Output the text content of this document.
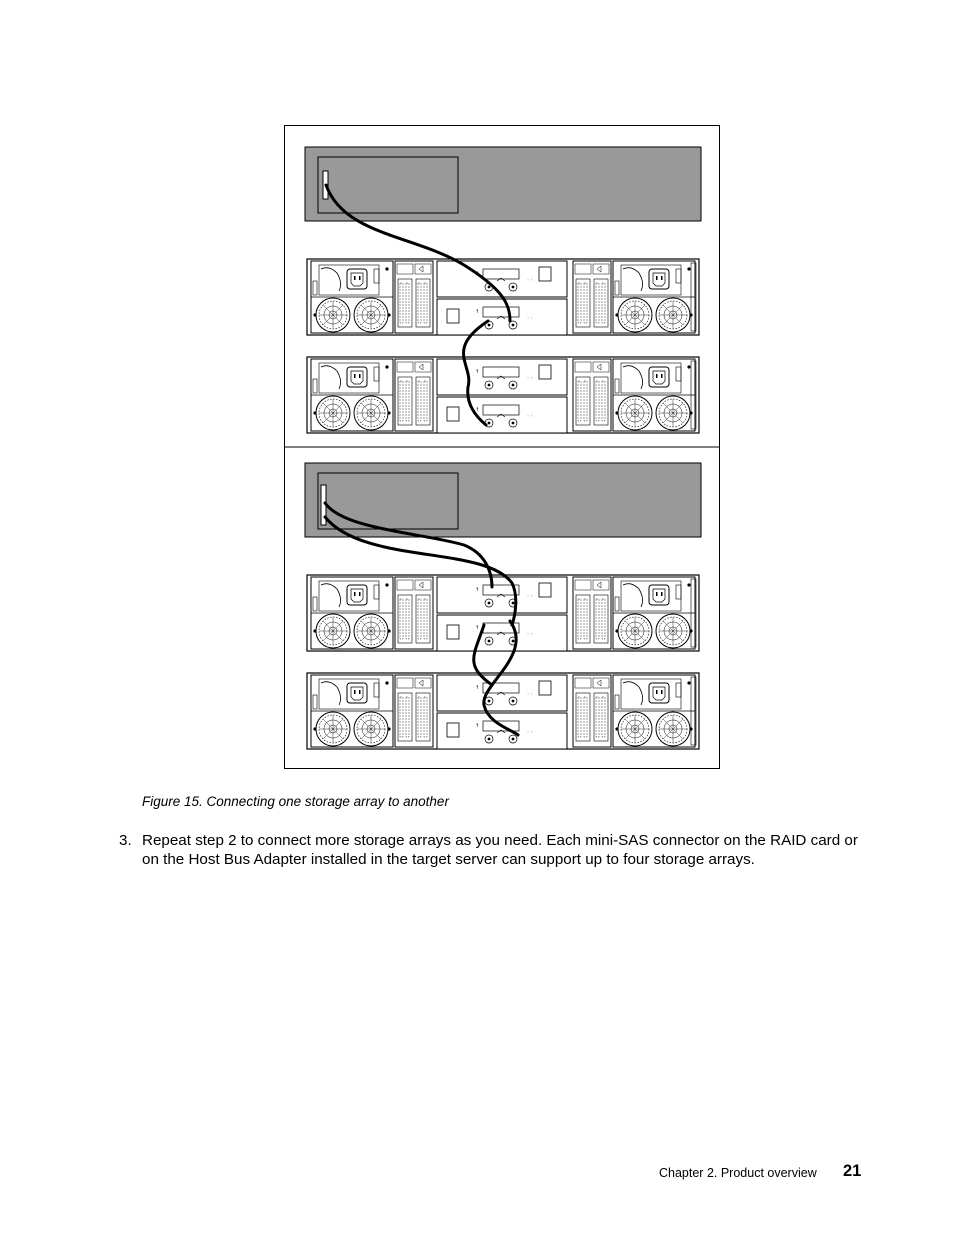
Figure 15. Connecting one storage array to another
3. Repeat step 2 to connect more storage arrays as you need. Each mini-SAS connector on the RAID card or on the Host Bus Adapter installed in the target server can support up to four storage arrays.
Chapter 2. Product overview 21
